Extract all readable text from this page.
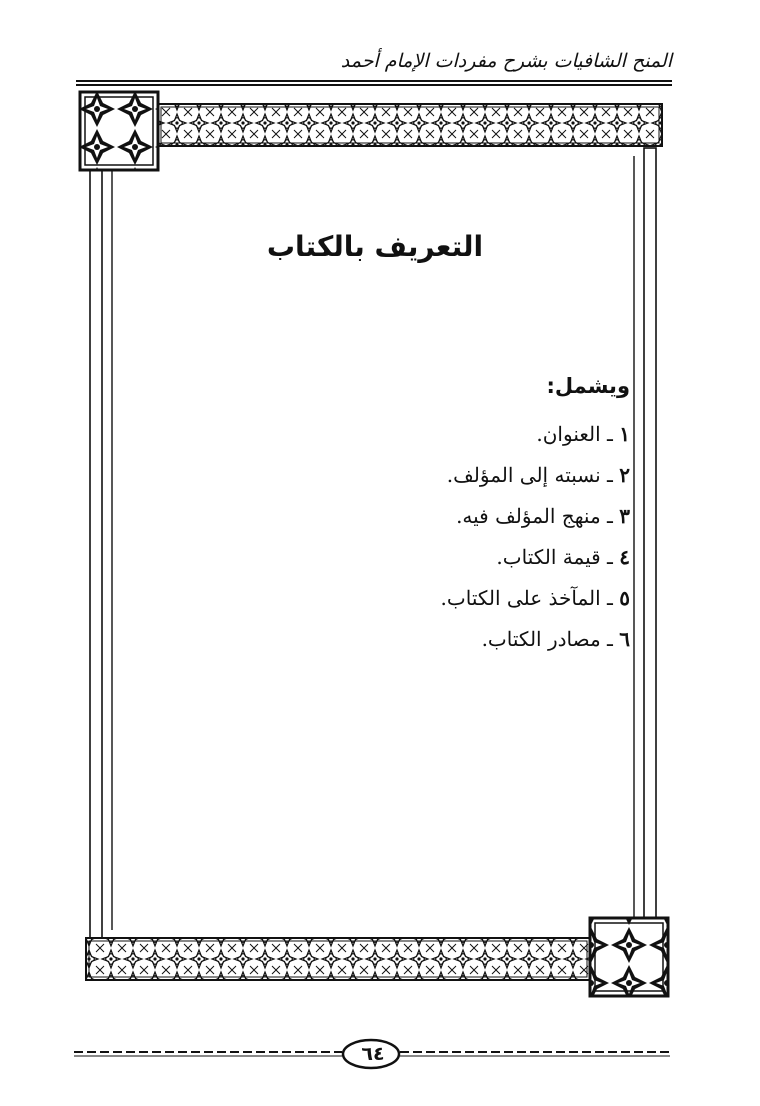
المنح الشافيات بشرح مفردات الإمام أحمد
التعريف بالكتاب
ويشمل:
١ ـ العنوان.
٢ ـ نسبته إلى المؤلف.
٣ ـ منهج المؤلف فيه.
٤ ـ قيمة الكتاب.
٥ ـ المآخذ على الكتاب.
٦ ـ مصادر الكتاب.
٦٤
